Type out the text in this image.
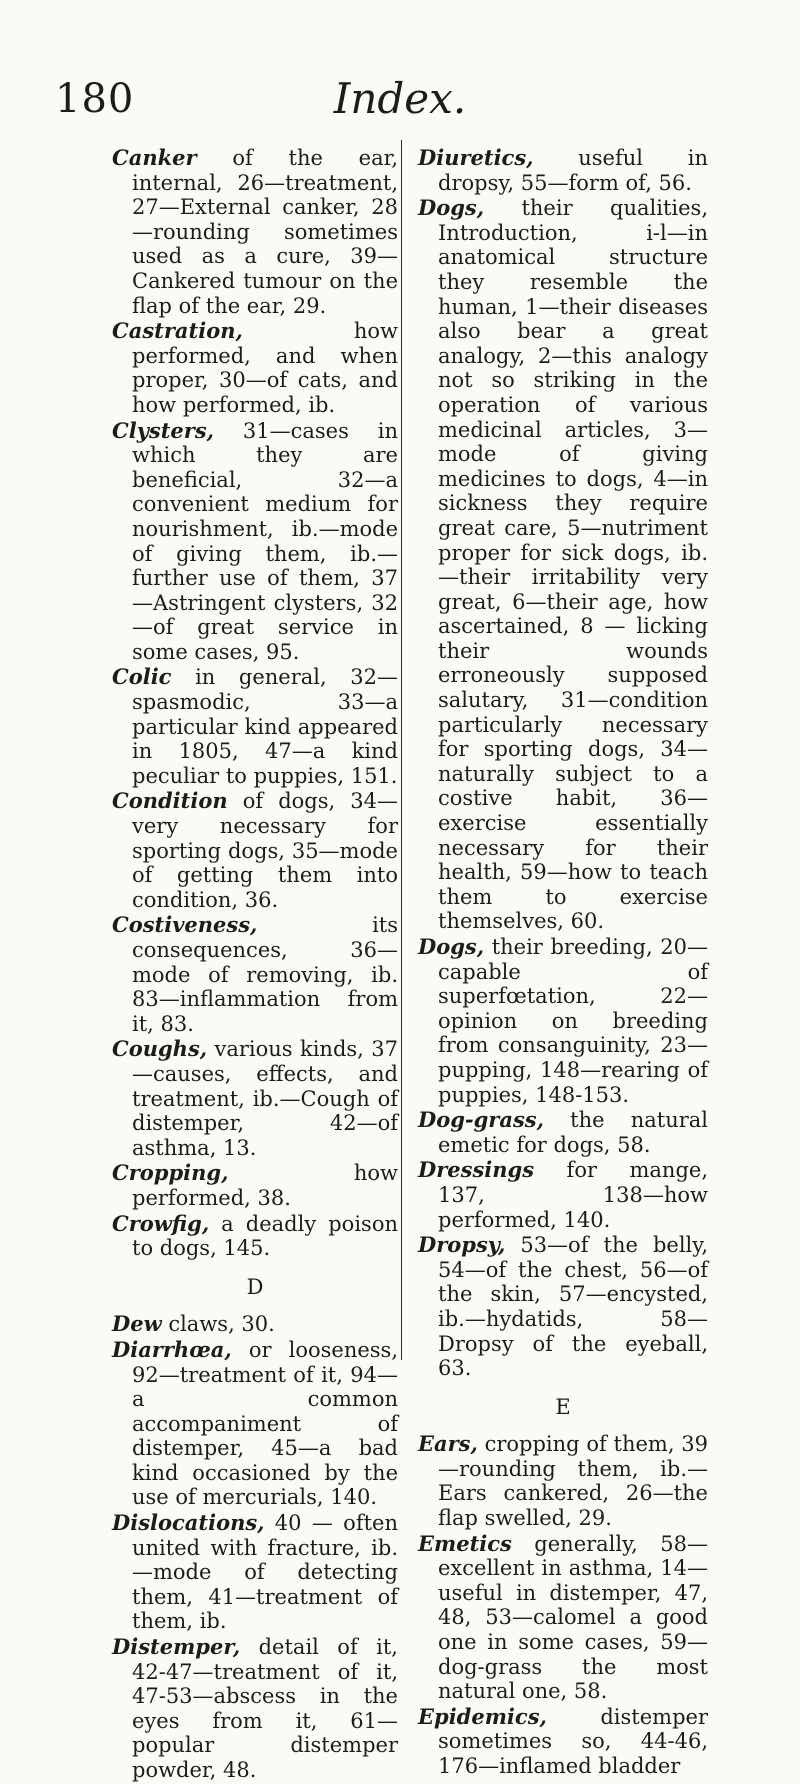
180	Index.

Canker of the ear, internal, 26—treatment, 27—External canker, 28—rounding sometimes used as a cure, 39—Cankered tumour on the flap of the ear, 29.

Castration, how performed, and when proper, 30—of cats, and how performed, ib.

Clysters, 31—cases in which they are beneficial, 32—a convenient medium for nourishment, ib.—mode of giving them, ib.—further use of them, 37—Astringent clysters, 32—of great service in some cases, 95.

Colic in general, 32—spasmodic, 33—a particular kind appeared in 1805, 47—a kind peculiar to puppies, 151.

Condition of dogs, 34—very necessary for sporting dogs, 35—mode of getting them into condition, 36.

Costiveness, its consequences, 36—mode of removing, ib. 83—inflammation from it, 83.

Coughs, various kinds, 37—causes, effects, and treatment, ib.—Cough of distemper, 42—of asthma, 13.

Cropping, how performed, 38.

Crowfig, a deadly poison to dogs, 145.

D

Dew claws, 30.

Diarrhœa, or looseness, 92—treatment of it, 94—a common accompaniment of distemper, 45—a bad kind occasioned by the use of mercurials, 140.

Dislocations, 40 — often united with fracture, ib.—mode of detecting them, 41—treatment of them, ib.

Distemper, detail of it, 42-47—treatment of it, 47-53—abscess in the eyes from it, 61—popular distemper powder, 48.

Diuretics, useful in dropsy, 55—form of, 56.

Dogs, their qualities, Introduction, i-l—in anatomical structure they resemble the human, 1—their diseases also bear a great analogy, 2—this analogy not so striking in the operation of various medicinal articles, 3—mode of giving medicines to dogs, 4—in sickness they require great care, 5—nutriment proper for sick dogs, ib.—their irritability very great, 6—their age, how ascertained, 8 — licking their wounds erroneously supposed salutary, 31—condition particularly necessary for sporting dogs, 34—naturally subject to a costive habit, 36—exercise essentially necessary for their health, 59—how to teach them to exercise themselves, 60.

Dogs, their breeding, 20—capable of superfœtation, 22—opinion on breeding from consanguinity, 23—pupping, 148—rearing of puppies, 148-153.

Dog-grass, the natural emetic for dogs, 58.

Dressings for mange, 137, 138—how performed, 140.

Dropsy, 53—of the belly, 54—of the chest, 56—of the skin, 57—encysted, ib.—hydatids, 58—Dropsy of the eyeball, 63.

E

Ears, cropping of them, 39—rounding them, ib.—Ears cankered, 26—the flap swelled, 29.

Emetics generally, 58—excellent in asthma, 14—useful in distemper, 47, 48, 53—calomel a good one in some cases, 59—dog-grass the most natural one, 58.

Epidemics, distemper sometimes so, 44-46, 176—inflamed bladder
